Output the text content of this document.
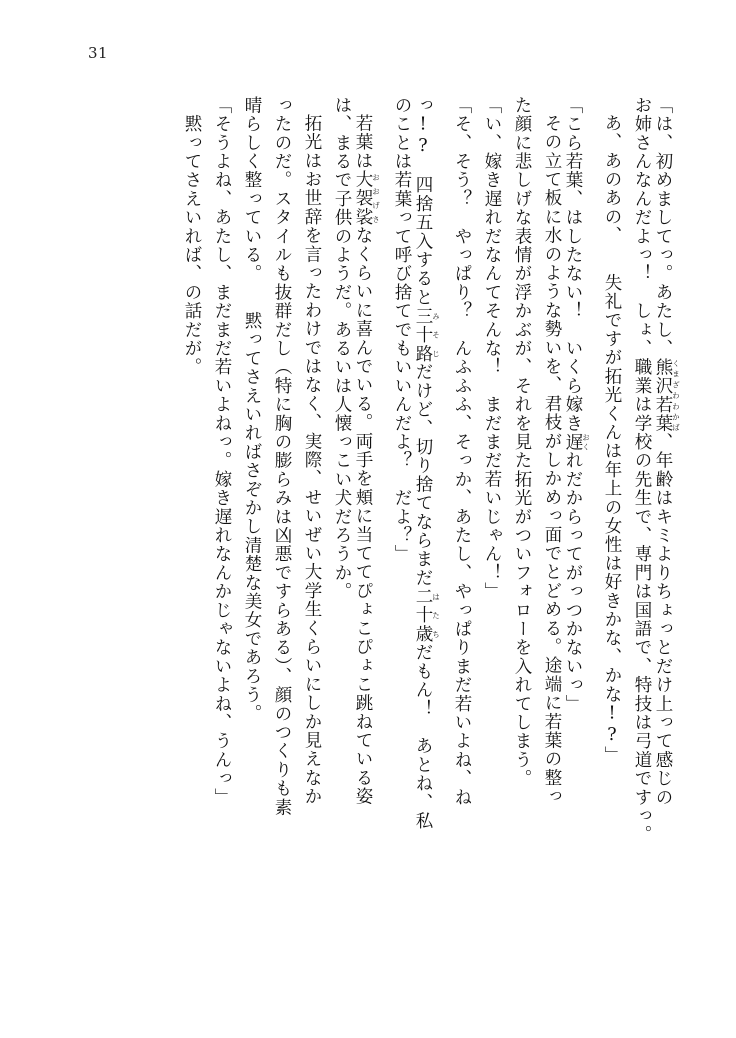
31
「は、初めましてっ。あたし、熊沢若葉くまざわわかば、年齢はキミよりちょっとだけ上って感じの
お姉さんなんだよっ！　しょ、職業は学校の先生で、専門は国語で、特技は弓道ですっ。
あ、あのあの、　　失礼ですが拓光くんは年上の女性は好きかな、かな!?」
「こら若葉、はしたない！　いくら嫁き遅おくれだからってがっつかないっ」
その立て板に水のような勢いを、君枝がしかめっ面でとどめる。途端に若葉の整っ
た顔に悲しげな表情が浮かぶが、それを見た拓光がついフォローを入れてしまう。
「い、嫁き遅れだなんてそんな！　まだまだ若いじゃん！」
「そ、そう？　やっぱり？　んふふふ、そっか、あたし、やっぱりまだ若いよね、ね
っ!?　四捨五入すると三十路みそじだけど、切り捨てならまだ二十歳はたちだもん！　あとね、私
のことは若葉って呼び捨てでもいいんだよ？　だよ？」
若葉は大袈裟おおげさなくらいに喜んでいる。両手を頬に当ててぴょこぴょこ跳ねている姿
は、まるで子供のようだ。あるいは人懐っこい犬だろうか。
拓光はお世辞を言ったわけではなく、実際、せいぜい大学生くらいにしか見えなか
ったのだ。スタイルも抜群だし（特に胸の膨らみは凶悪ですらある）、顔のつくりも素
晴らしく整っている。　　黙ってさえいればさぞかし清楚な美女であろう。
「そうよね、あたし、まだまだ若いよねっ。嫁き遅れなんかじゃないよね、うんっ」
　黙ってさえいれば、の話だが。
